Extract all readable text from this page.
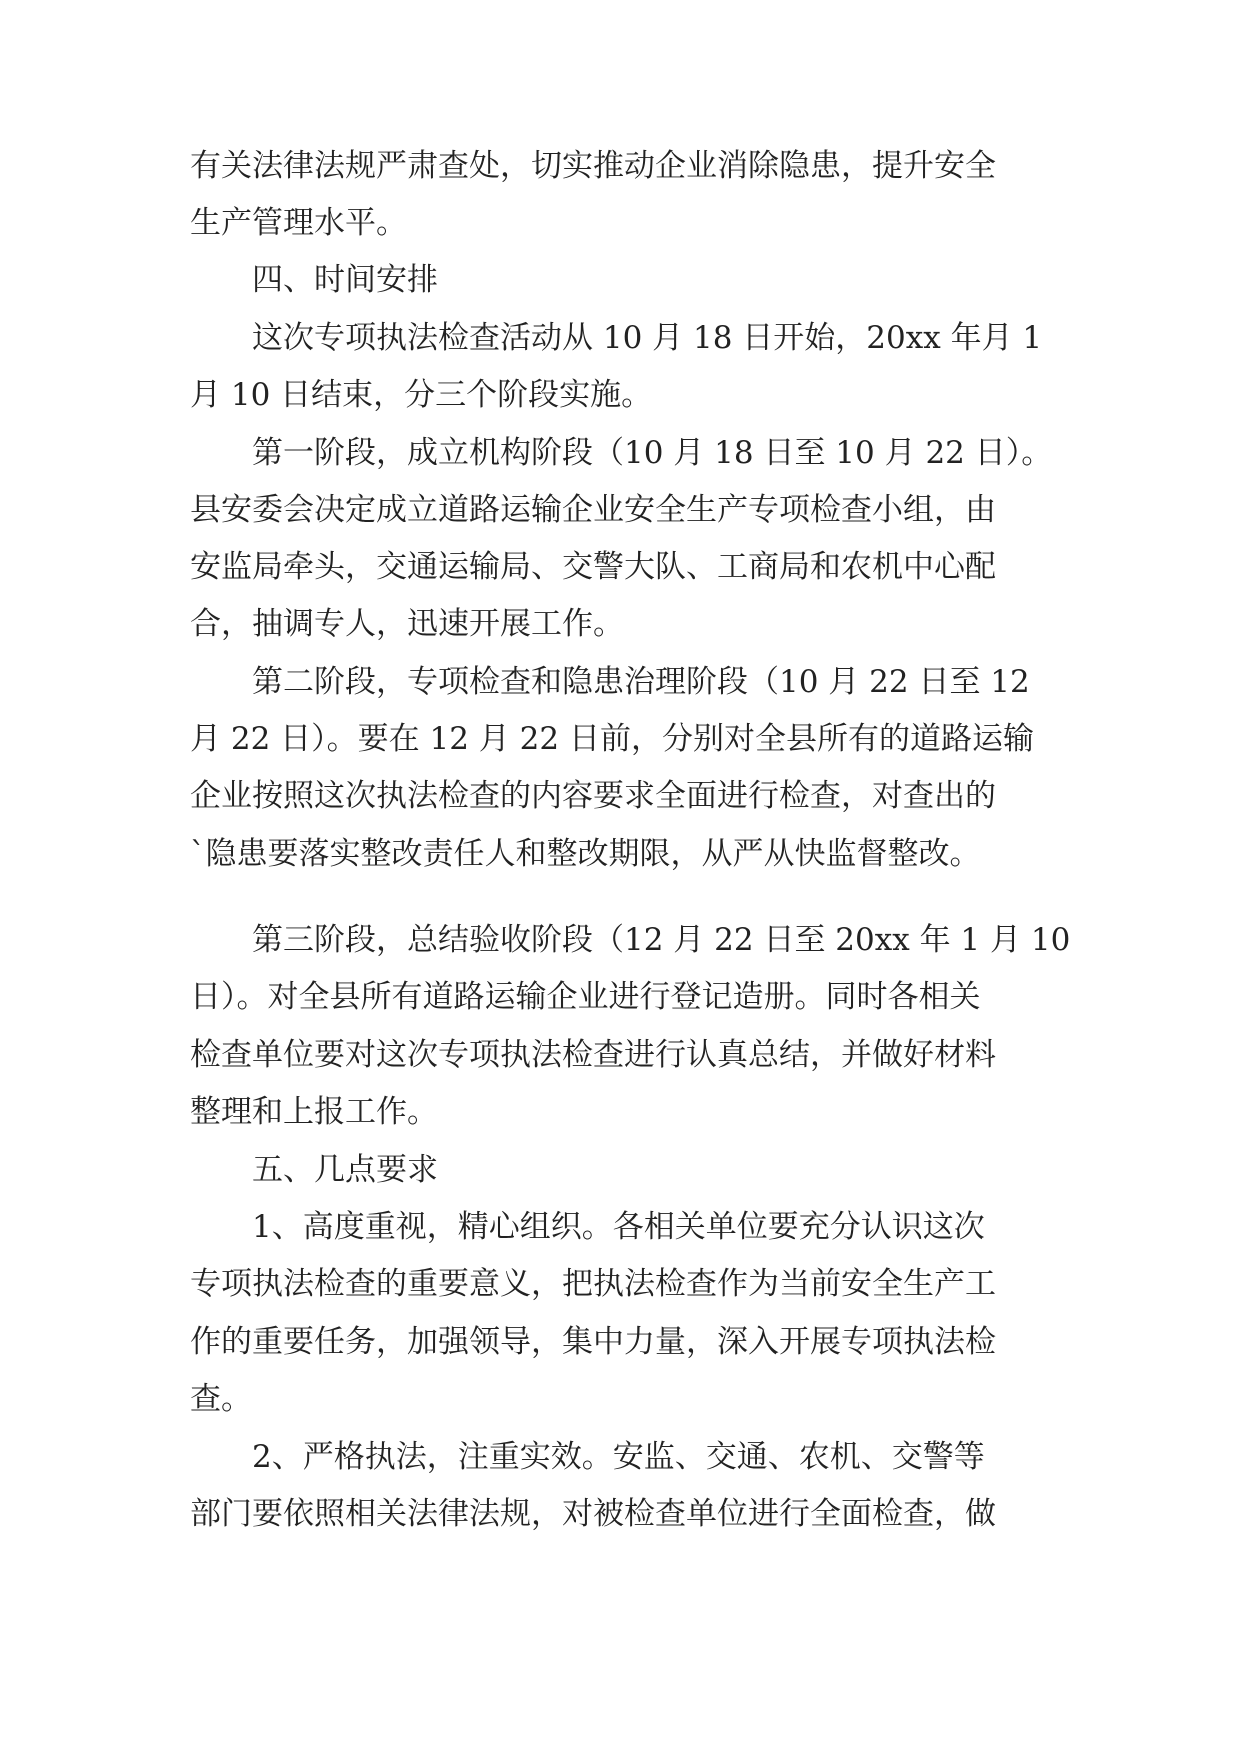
有关法律法规严肃查处，切实推动企业消除隐患，提升安全
生产管理水平。
四、时间安排
这次专项执法检查活动从 10 月 18 日开始，20xx 年月 1
月 10 日结束，分三个阶段实施。
第一阶段，成立机构阶段（10 月 18 日至 10 月 22 日）。
县安委会决定成立道路运输企业安全生产专项检查小组，由
安监局牵头，交通运输局、交警大队、工商局和农机中心配
合，抽调专人，迅速开展工作。
第二阶段，专项检查和隐患治理阶段（10 月 22 日至 12
月 22 日）。要在 12 月 22 日前，分别对全县所有的道路运输
企业按照这次执法检查的内容要求全面进行检查，对查出的
`隐患要落实整改责任人和整改期限，从严从快监督整改。
第三阶段，总结验收阶段（12 月 22 日至 20xx 年 1 月 10
日）。对全县所有道路运输企业进行登记造册。同时各相关
检查单位要对这次专项执法检查进行认真总结，并做好材料
整理和上报工作。
五、几点要求
1、高度重视，精心组织。各相关单位要充分认识这次
专项执法检查的重要意义，把执法检查作为当前安全生产工
作的重要任务，加强领导，集中力量，深入开展专项执法检
查。
2、严格执法，注重实效。安监、交通、农机、交警等
部门要依照相关法律法规，对被检查单位进行全面检查，做
